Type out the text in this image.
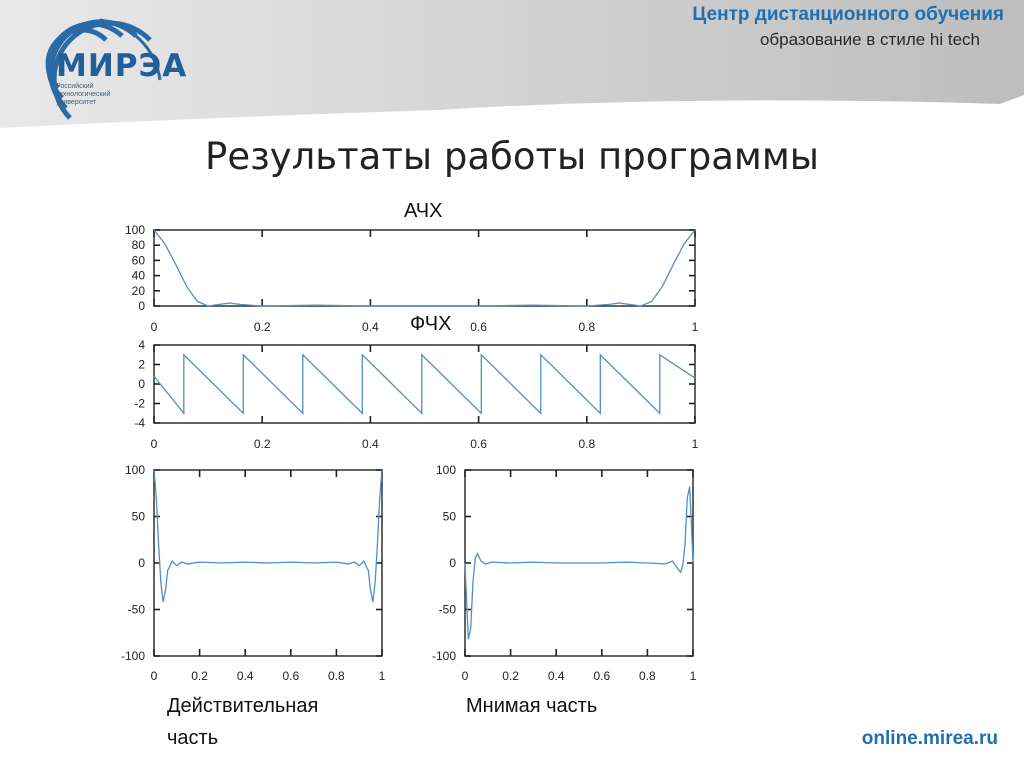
МИРЭА
Российский технологический университет
Центр дистанционного обучения
образование в стиле hi tech
Результаты работы программы
АЧХ
ФЧХ
0	0.2	0.4	0.6	0.8	1
0
20
40
60
80
100
0	0.2	0.4	0.6	0.8	1
-4
-2
0
2
4
0	0.2 0.4 0.6 0.8	1
-100
-50
0
50
100
0	0.2 0.4 0.6 0.8	1
-100
-50
0
50
100
Действительная часть
Мнимая часть
online.mirea.ru
